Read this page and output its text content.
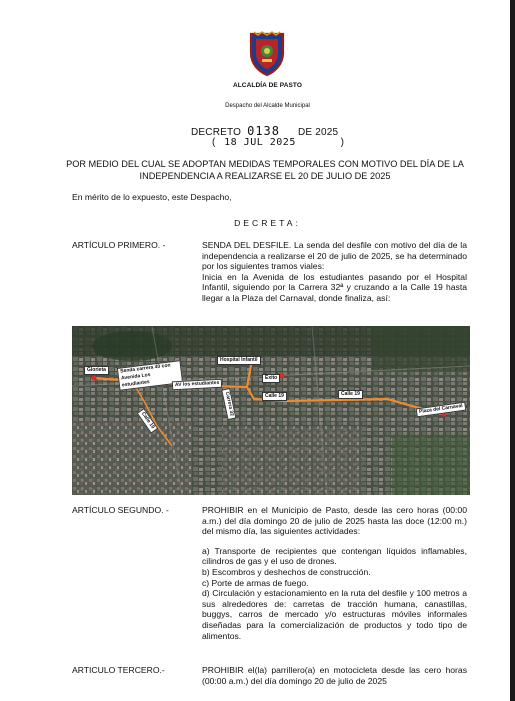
ALCALDÍA DE PASTO
Despacho del Alcalde Municipal
DECRETO 0138 DE 2025
( 18 JUL 2025	)
POR MEDIO DEL CUAL SE ADOPTAN MEDIDAS TEMPORALES CON MOTIVO DEL DÍA DE LA INDEPENDENCIA A REALIZARSE EL 20 DE JULIO DE 2025
En mérito de lo expuesto, este Despacho,
DECRETA:
ARTÍCULO PRIMERO. -	SENDA DEL DESFILE. La senda del desfile con motivo del día de la independencia a realizarse el 20 de julio de 2025, se ha determinado por los siguientes tramos viales:

Inicia en la Avenida de los estudiantes pasando por el Hospital Infantil, siguiendo por la Carrera 32ª y cruzando a la Calle 19 hasta llegar a la Plaza del Carnaval, donde finaliza, así:

Glorieta	Senda carrera 40 con Avenida Los estudiantes
Hospital Infantil
AV los estudiantes
Carrera 32
Éxito
Calle 19	Calle 19
Calle 19
Plaza del Carnaval
ARTÍCULO SEGUNDO. -	PROHIBIR en el Municipio de Pasto, desde las cero horas (00:00 a.m.) del día domingo 20 de julio de 2025 hasta las doce (12:00 m.) del mismo día, las siguientes actividades:

a) Transporte de recipientes que contengan líquidos inflamables, cilindros de gas y el uso de drones.

b) Escombros y deshechos de construcción.

c) Porte de armas de fuego.

d) Circulación y estacionamiento en la ruta del desfile y 100 metros a sus alrededores de: carretas de tracción humana, canastillas, buggys, carros de mercado y/o estructuras móviles informales diseñadas para la comercialización de productos y todo tipo de alimentos.

ARTICULO TERCERO.-	PROHIBIR el(la) parrillero(a) en motocicleta desde las cero horas (00:00 a.m.) del día domingo 20 de julio de 2025
